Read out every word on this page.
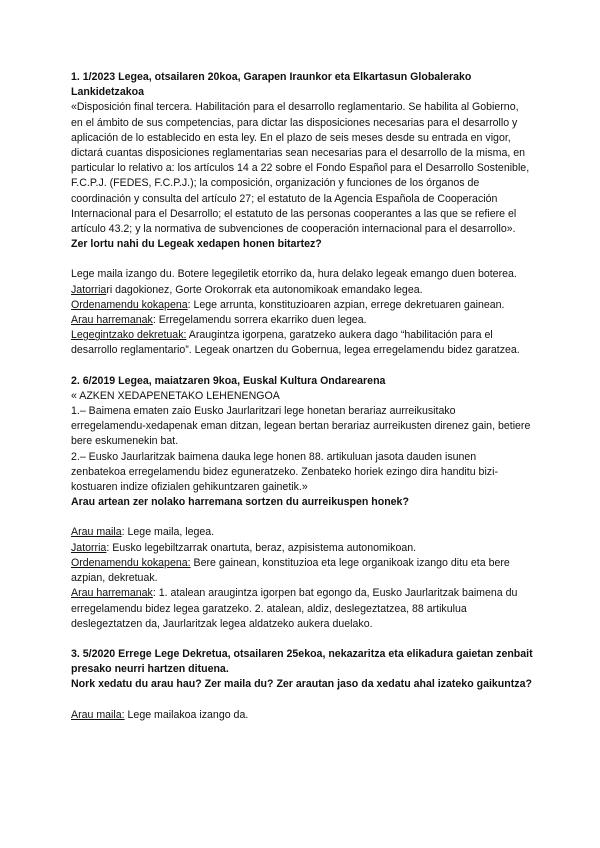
1. 1/2023 Legea, otsailaren 20koa, Garapen Iraunkor eta Elkartasun Globalerako Lankidetzakoa

«Disposición final tercera. Habilitación para el desarrollo reglamentario. Se habilita al Gobierno, en el ámbito de sus competencias, para dictar las disposiciones necesarias para el desarrollo y aplicación de lo establecido en esta ley. En el plazo de seis meses desde su entrada en vigor, dictará cuantas disposiciones reglamentarias sean necesarias para el desarrollo de la misma, en particular lo relativo a: los artículos 14 a 22 sobre el Fondo Español para el Desarrollo Sostenible, F.C.P.J. (FEDES, F.C.P.J.); la composición, organización y funciones de los órganos de coordinación y consulta del artículo 27; el estatuto de la Agencia Española de Cooperación Internacional para el Desarrollo; el estatuto de las personas cooperantes a las que se refiere el artículo 43.2; y la normativa de subvenciones de cooperación internacional para el desarrollo».

Zer lortu nahi du Legeak xedapen honen bitartez?

Lege maila izango du. Botere legegiletik etorriko da, hura delako legeak emango duen boterea.

Jatorriari dagokionez, Gorte Orokorrak eta autonomikoak emandako legea.

Ordenamendu kokapena: Lege arrunta, konstituzioaren azpian, erregе dekretuaren gainean.

Arau harremanak: Erregelamendu sorrera ekarriko duen legea.

Legegintzako dekretuak: Araugintza igorpena, garatzeko aukera dago “habilitación para el desarrollo reglamentario”. Legeak onartzen du Gobernua, legea erregelamendu bidez garatzea.

2. 6/2019 Legea, maiatzaren 9koa, Euskal Kultura Ondarearena

« AZKEN XEDAPENETAKO LEHENENGOA

1.– Baimena ematen zaio Eusko Jaurlaritzari lege honetan berariaz aurreikusitako erregelamendu-xedapenak eman ditzan, legean bertan berariaz aurreikusten direnez gain, betiere bere eskumenekin bat.

2.– Eusko Jaurlaritzak baimena dauka lege honen 88. artikuluan jasota dauden isunen zenbatekoa erregelamendu bidez eguneratzeko. Zenbateko horiek ezingo dira handitu bizi-kostuaren indize ofizialen gehikuntzaren gainetik.»

Arau artean zer nolako harremana sortzen du aurreikuspen honek?

Arau maila: Lege maila, legea.

Jatorria: Eusko legebiltzarrak onartuta, beraz, azpisistema autonomikoan.

Ordenamendu kokapena: Bere gainean, konstituzioa eta lege organikoak izango ditu eta bere azpian, dekretuak.

Arau harremanak: 1. atalean araugintza igorpen bat egongo da, Eusko Jaurlaritzak baimena du erregelamendu bidez legea garatzeko. 2. atalean, aldiz, deslegeztatzea, 88 artikulua deslegeztatzen da, Jaurlaritzak legea aldatzeko aukera duelako.

3. 5/2020 Errege Lege Dekretua, otsailaren 25ekoa, nekazaritza eta elikadura gaietan zenbait presako neurri hartzen dituena.

Nork xedatu du arau hau? Zer maila du? Zer arautan jaso da xedatu ahal izateko gaikuntza?

Arau maila: Lege mailakoa izango da.
